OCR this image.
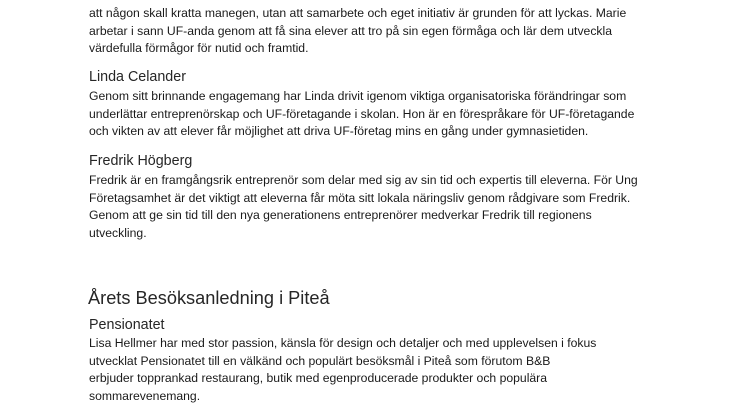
att någon skall kratta manegen, utan att samarbete och eget initiativ är grunden för att lyckas. Marie
arbetar i sann UF-anda genom att få sina elever att tro på sin egen förmåga och lär dem utveckla
värdefulla förmågor för nutid och framtid.

Linda Celander

Genom sitt brinnande engagemang har Linda drivit igenom viktiga organisatoriska förändringar som
underlättar entreprenörskap och UF-företagande i skolan. Hon är en förespråkare för UF-företagande
och vikten av att elever får möjlighet att driva UF-företag mins en gång under gymnasietiden.

Fredrik Högberg

Fredrik är en framgångsrik entreprenör som delar med sig av sin tid och expertis till eleverna. För Ung
Företagsamhet är det viktigt att eleverna får möta sitt lokala näringsliv genom rådgivare som Fredrik.
Genom att ge sin tid till den nya generationens entreprenörer medverkar Fredrik till regionens
utveckling.

Årets Besöksanledning i Piteå

Pensionatet

Lisa Hellmer har med stor passion, känsla för design och detaljer och med upplevelsen i fokus
utvecklat Pensionatet till en välkänd och populärt besöksmål i Piteå som förutom B&B
erbjuder topprankad restaurang, butik med egenproducerade produkter och populära
sommarevenemang.
